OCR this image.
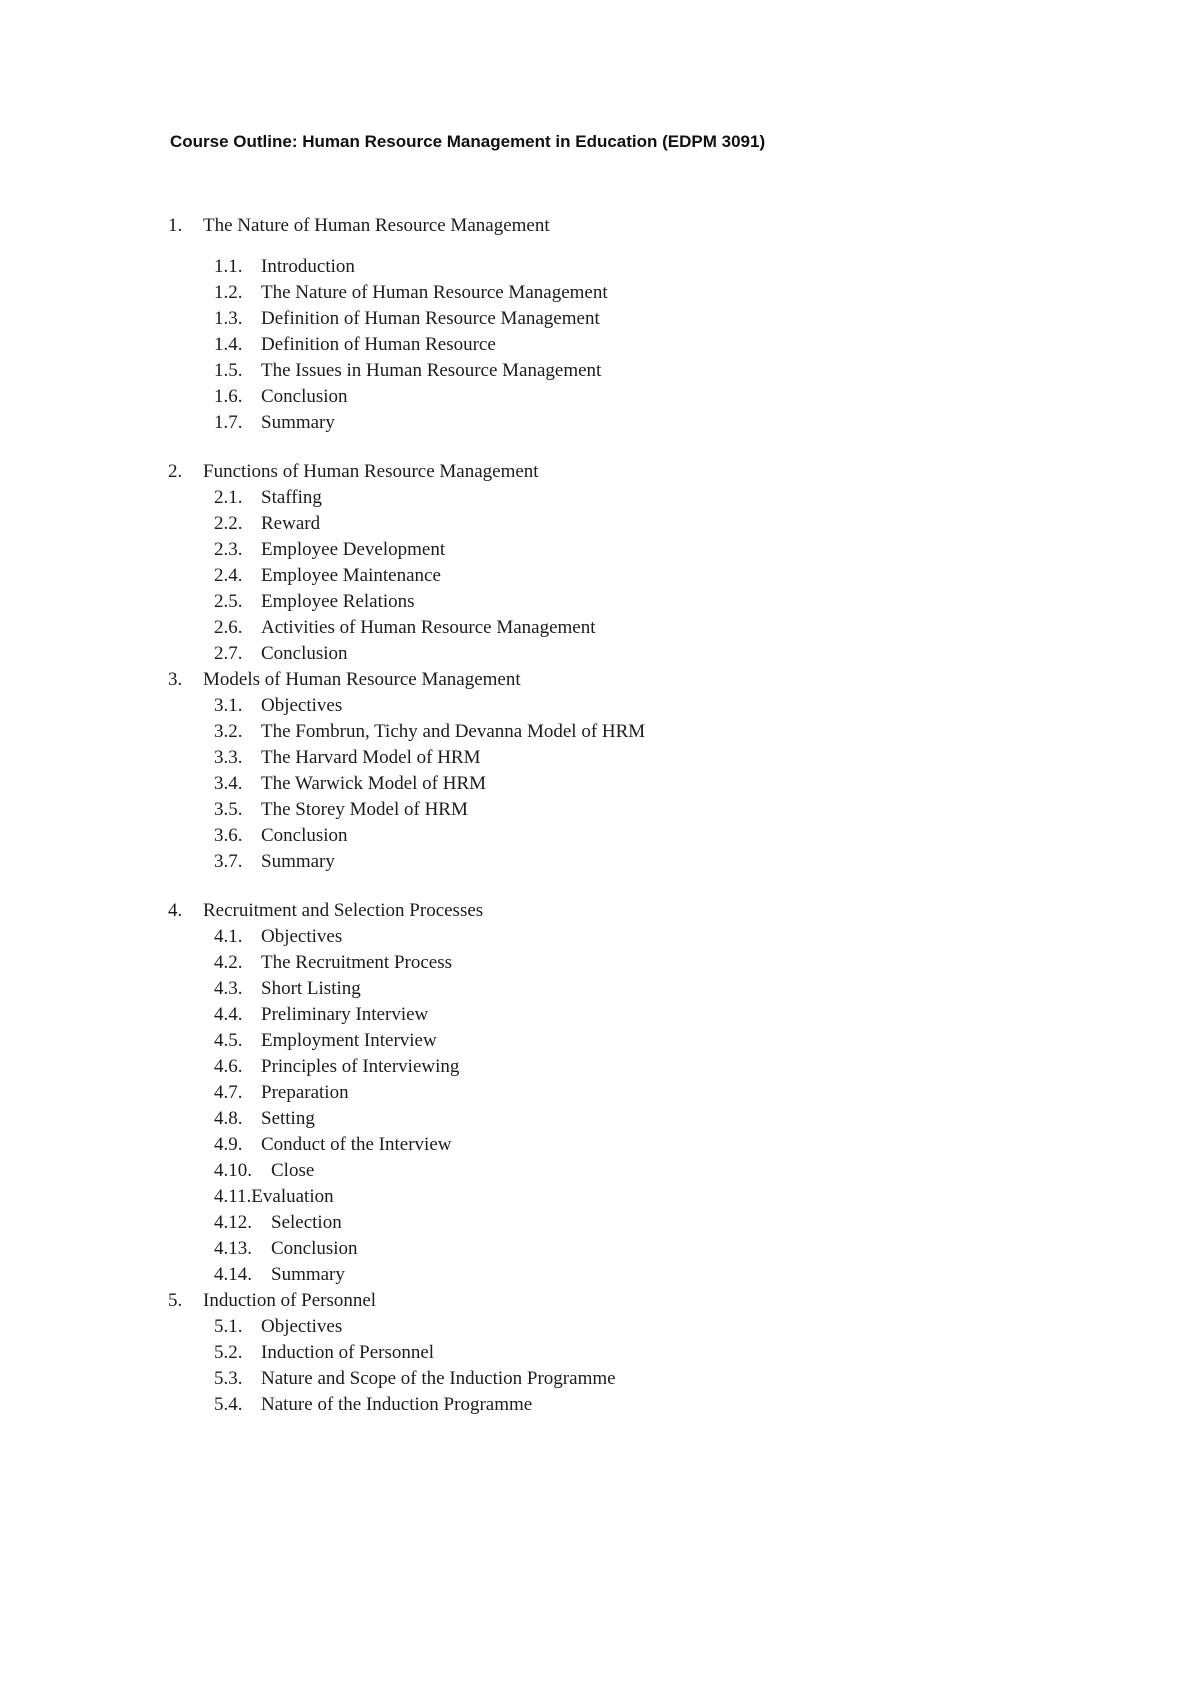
Course Outline: Human Resource Management in Education (EDPM 3091)
1.	The Nature of Human Resource Management
1.1. Introduction
1.2. The Nature of Human Resource Management
1.3. Definition of Human Resource Management
1.4. Definition of Human Resource
1.5. The Issues in Human Resource Management
1.6. Conclusion
1.7. Summary
2.	Functions of Human Resource Management
2.1. Staffing
2.2. Reward
2.3. Employee Development
2.4. Employee Maintenance
2.5. Employee Relations
2.6. Activities of Human Resource Management
2.7. Conclusion
3.	Models of Human Resource Management
3.1. Objectives
3.2. The Fombrun, Tichy and Devanna Model of HRM
3.3. The Harvard Model of HRM
3.4. The Warwick Model of HRM
3.5. The Storey Model of HRM
3.6. Conclusion
3.7. Summary
4.	Recruitment and Selection Processes
4.1. Objectives
4.2. The Recruitment Process
4.3. Short Listing
4.4. Preliminary Interview
4.5. Employment Interview
4.6. Principles of Interviewing
4.7. Preparation
4.8. Setting
4.9. Conduct of the Interview
4.10.	Close
4.11. Evaluation
4.12.	Selection
4.13.	Conclusion
4.14.	Summary
5.	Induction of Personnel
5.1. Objectives
5.2. Induction of Personnel
5.3. Nature and Scope of the Induction Programme
5.4. Nature of the Induction Programme
